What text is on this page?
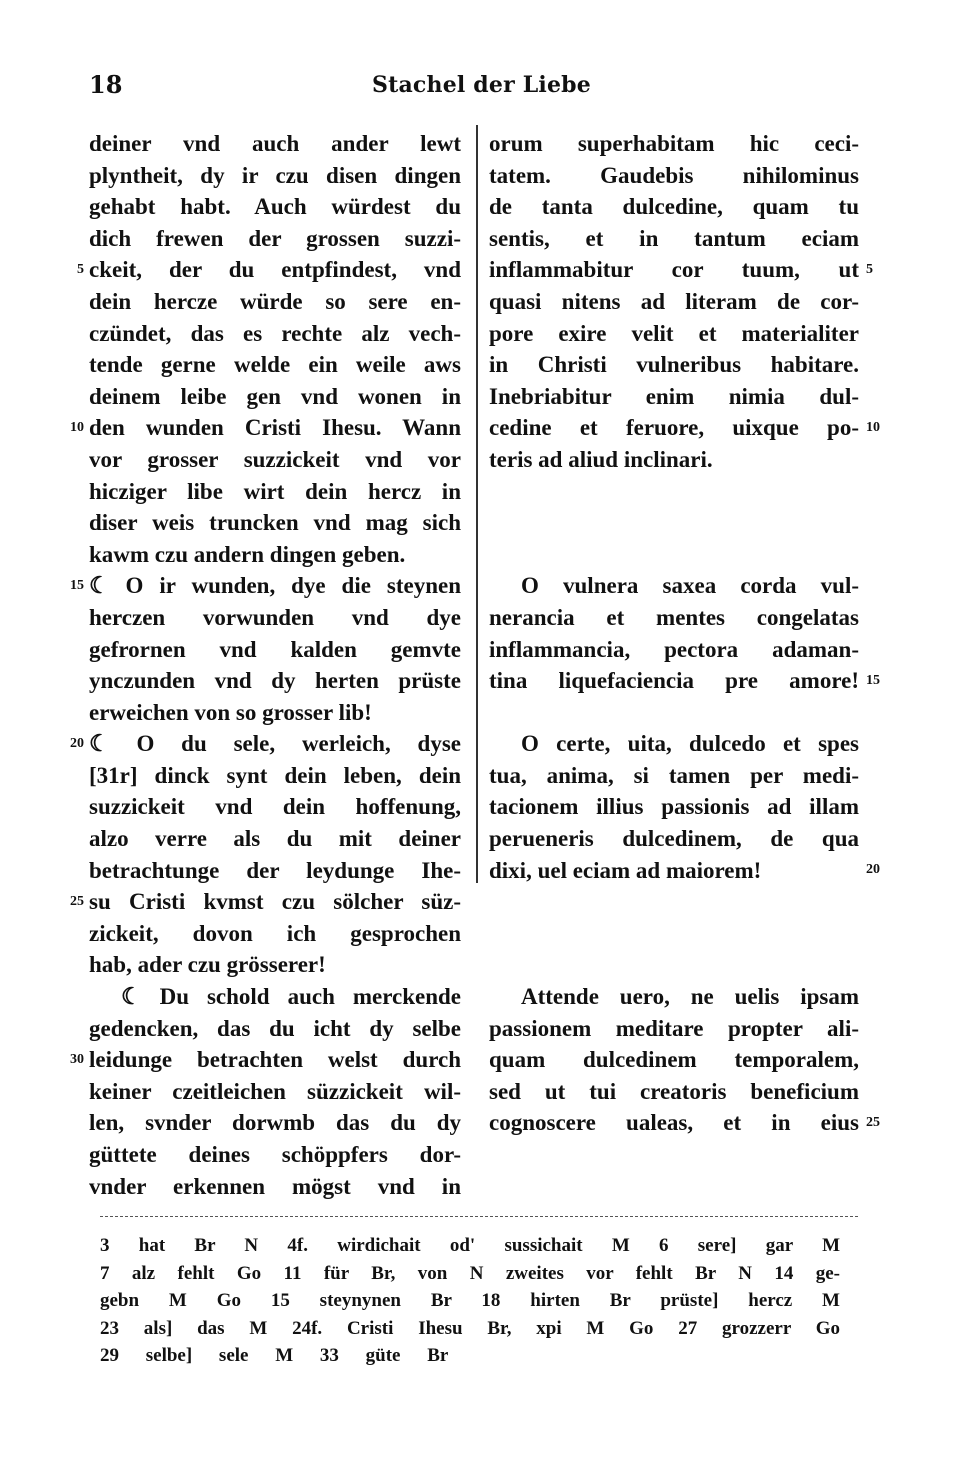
18	Stachel der Liebe
deiner vnd auch ander lewt
plyntheit, dy ir czu disen dingen
gehabt habt. Auch würdest du
dich frewen der grossen suzzi-
ckeit, der du entpfindest, vnd
dein hercze würde so sere en-
czündet, das es rechte alz vech-
tende gerne welde ein weile aws
deinem leibe gen vnd wonen in
den wunden Cristi Ihesu. Wann
vor grosser suzzickeit vnd vor
hicziger libe wirt dein hercz in
diser weis truncken vnd mag sich
kawm czu andern dingen geben.
☾ O ir wunden, dye die steynen
herczen vorwunden vnd dye
gefrornen vnd kalden gemvte
ynczunden vnd dy herten prüste
erweichen von so grosser lib!
☾ O du sele, werleich, dyse
[31r] dinck synt dein leben, dein
suzzickeit vnd dein hoffenung,
alzo verre als du mit deiner
betrachtunge der leydunge Ihe-
su Cristi kvmst czu sölcher süz-
zickeit, dovon ich gesprochen
hab, ader czu grösserer!
☾ Du schold auch merckende
gedencken, das du icht dy selbe
leidunge betrachten welst durch
keiner czeitleichen süzzickeit wil-
len, svnder dorwmb das du dy
güttete deines schöppfers dor-
vnder erkennen mögst vnd in
orum superhabitam hic ceci-
tatem. Gaudebis nihilominus
de tanta dulcedine, quam tu
sentis, et in tantum eciam
inflammabitur cor tuum, ut
quasi nitens ad literam de cor-
pore exire velit et materialiter
in Christi vulneribus habitare.
Inebriabitur enim nimia dul-
cedine et feruore, uixque po-
teris ad aliud inclinari.
O vulnera saxea corda vul-
nerancia et mentes congelatas
inflammancia, pectora adaman-
tina liquefaciencia pre amore!
O certe, uita, dulcedo et spes
tua, anima, si tamen per medi-
tacionem illius passionis ad illam
perueneris dulcedinem, de qua
dixi, uel eciam ad maiorem!
Attende uero, ne uelis ipsam
passionem meditare propter ali-
quam dulcedinem temporalem,
sed ut tui creatoris beneficium
cognoscere ualeas, et in eius
5
10
15
20
25
30
5
10
15
20
25
3 hat Br N 4f. wirdichait od' sussichait M 6 sere] gar M
7 alz fehlt Go 11 für Br, von N zweites vor fehlt Br N 14 ge-
gebn M Go 15 steynynen Br 18 hirten Br prüste] hercz M
23 als] das M 24f. Cristi Ihesu Br, xpi M Go 27 grozzerr Go
29 selbe] sele M 33 güte Br
